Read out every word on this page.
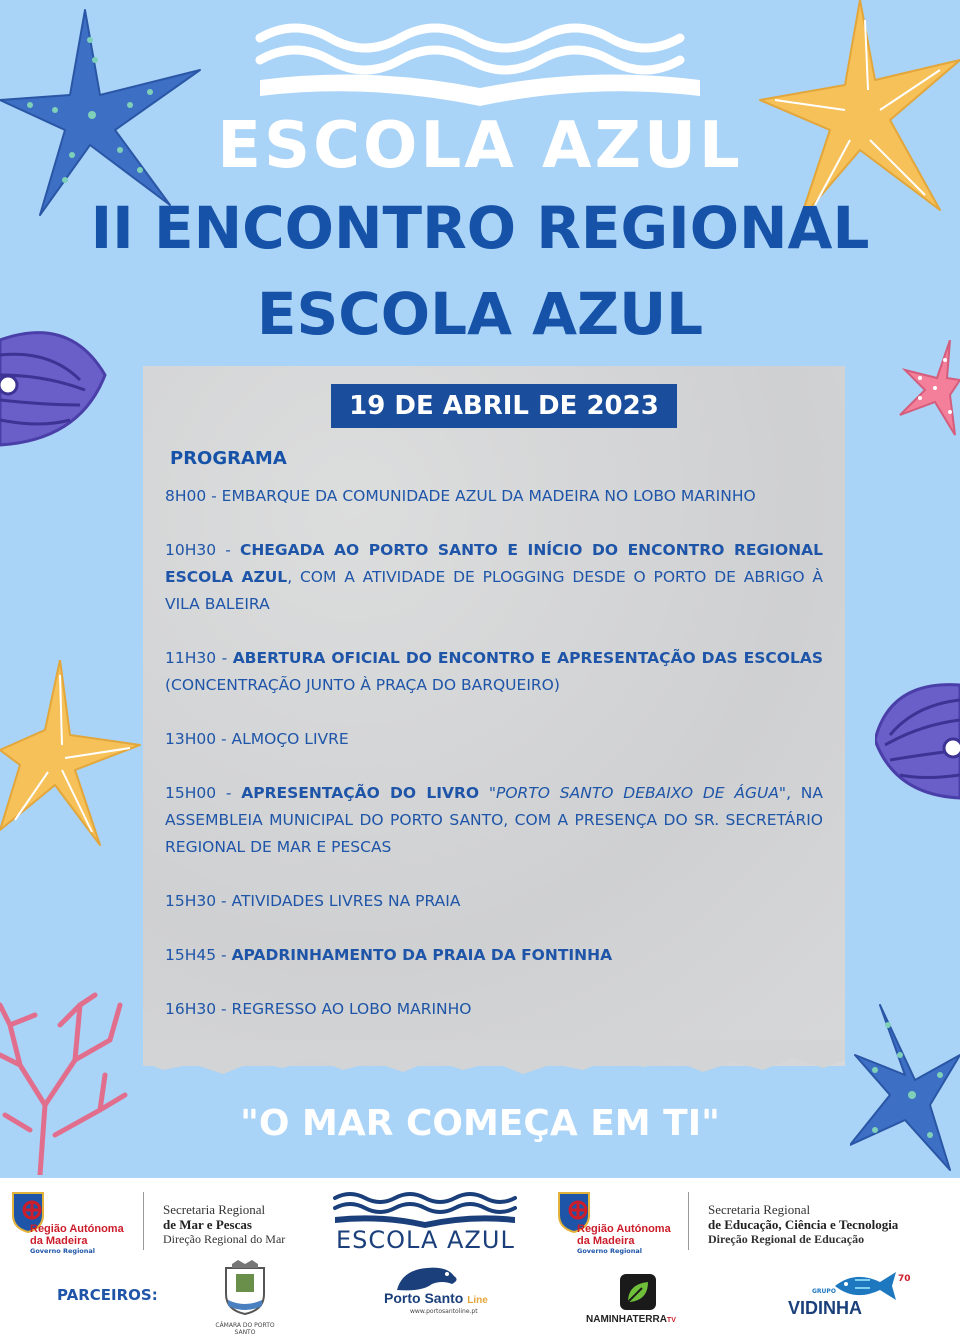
ESCOLA AZUL
II ENCONTRO REGIONAL
ESCOLA AZUL
19 DE ABRIL DE 2023
PROGRAMA
8H00 - EMBARQUE DA COMUNIDADE AZUL DA MADEIRA NO LOBO MARINHO
10H30 - CHEGADA AO PORTO SANTO E INÍCIO DO ENCONTRO REGIONAL ESCOLA AZUL, COM A ATIVIDADE DE PLOGGING DESDE O PORTO DE ABRIGO À VILA BALEIRA
11H30 - ABERTURA OFICIAL DO ENCONTRO E APRESENTAÇÃO DAS ESCOLAS (CONCENTRAÇÃO JUNTO À PRAÇA DO BARQUEIRO)
13H00 - ALMOÇO LIVRE
15H00 - APRESENTAÇÃO DO LIVRO "PORTO SANTO DEBAIXO DE ÁGUA", NA ASSEMBLEIA MUNICIPAL DO PORTO SANTO, COM A PRESENÇA DO SR. SECRETÁRIO REGIONAL DE MAR E PESCAS
15H30 - ATIVIDADES LIVRES NA PRAIA
15H45 - APADRINHAMENTO DA PRAIA DA FONTINHA
16H30 - REGRESSO AO LOBO MARINHO
"O MAR COMEÇA EM TI"
Região Autónoma
da Madeira
Governo Regional
Secretaria Regional
de Mar e Pescas
Direção Regional do Mar ESCOLA AZUL	Região Autónoma
da Madeira
Governo Regional
Secretaria Regional
de Educação, Ciência e Tecnologia
Direção Regional de Educação
PARCEIROS:
CÂMARA DO PORTO SANTO
Porto Santo Line
www.portosantoline.pt
NAMINHATERRATV
GRUPO
VIDINHA
70
